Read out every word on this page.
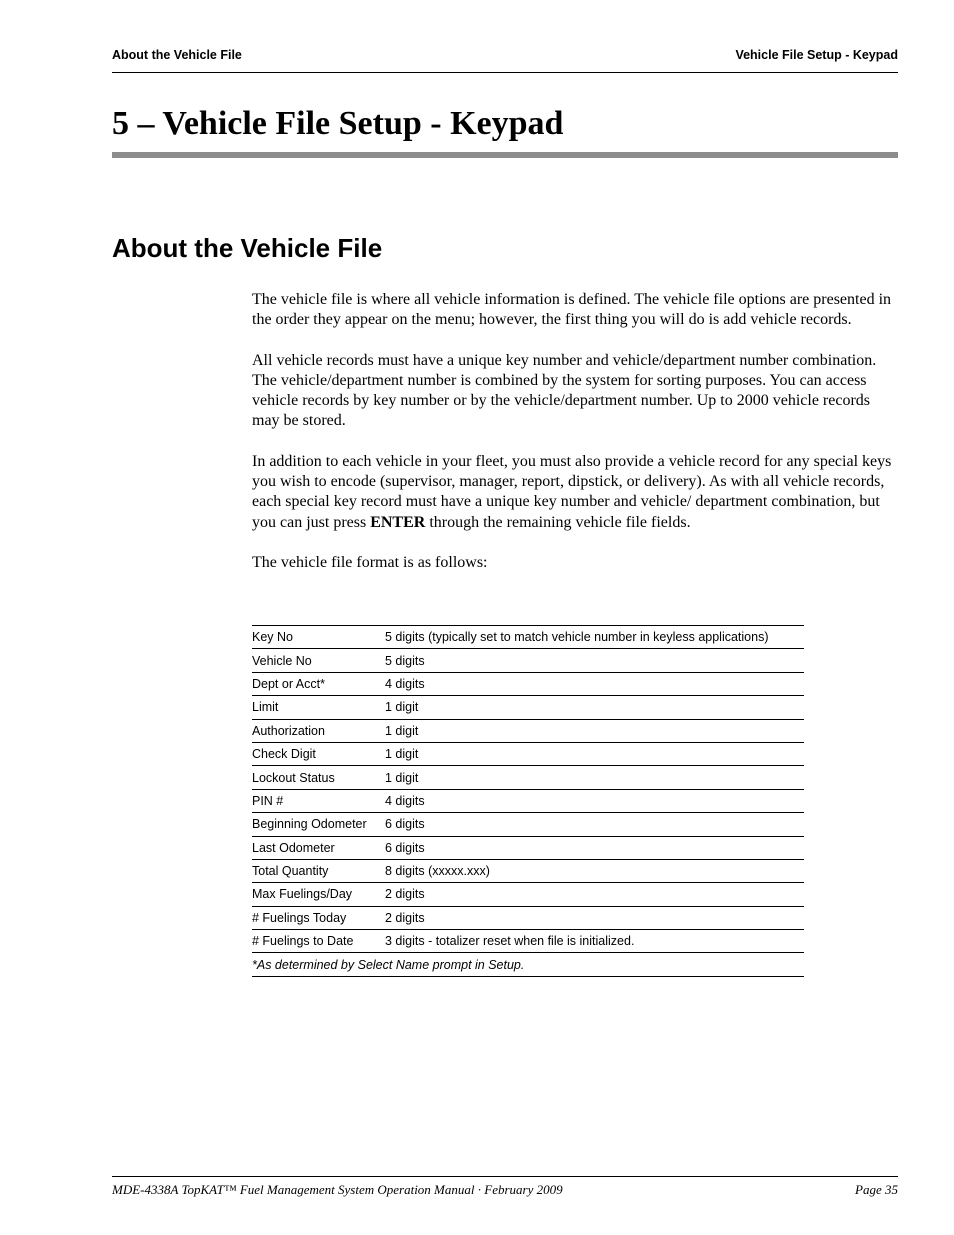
About the Vehicle File	Vehicle File Setup - Keypad
5 – Vehicle File Setup - Keypad
About the Vehicle File

The vehicle file is where all vehicle information is defined. The vehicle file options are presented in the order they appear on the menu; however, the first thing you will do is add vehicle records.

All vehicle records must have a unique key number and vehicle/department number combination. The vehicle/department number is combined by the system for sorting purposes. You can access vehicle records by key number or by the vehicle/department number. Up to 2000 vehicle records may be stored.

In addition to each vehicle in your fleet, you must also provide a vehicle record for any special keys you wish to encode (supervisor, manager, report, dipstick, or delivery). As with all vehicle records, each special key record must have a unique key number and vehicle/ department combination, but you can just press ENTER through the remaining vehicle file fields.

The vehicle file format is as follows:

Key No	5 digits (typically set to match vehicle number in keyless applications)
Vehicle No	5 digits
Dept or Acct*	4 digits
Limit	1 digit
Authorization	1 digit
Check Digit	1 digit
Lockout Status	1 digit
PIN #	4 digits
Beginning Odometer	6 digits
Last Odometer	6 digits
Total Quantity	8 digits (xxxxx.xxx)
Max Fuelings/Day	2 digits
# Fuelings Today	2 digits
# Fuelings to Date	3 digits - totalizer reset when file is initialized.
*As determined by Select Name prompt in Setup.	
MDE-4338A TopKAT™ Fuel Management System Operation Manual · February 2009	Page 35
